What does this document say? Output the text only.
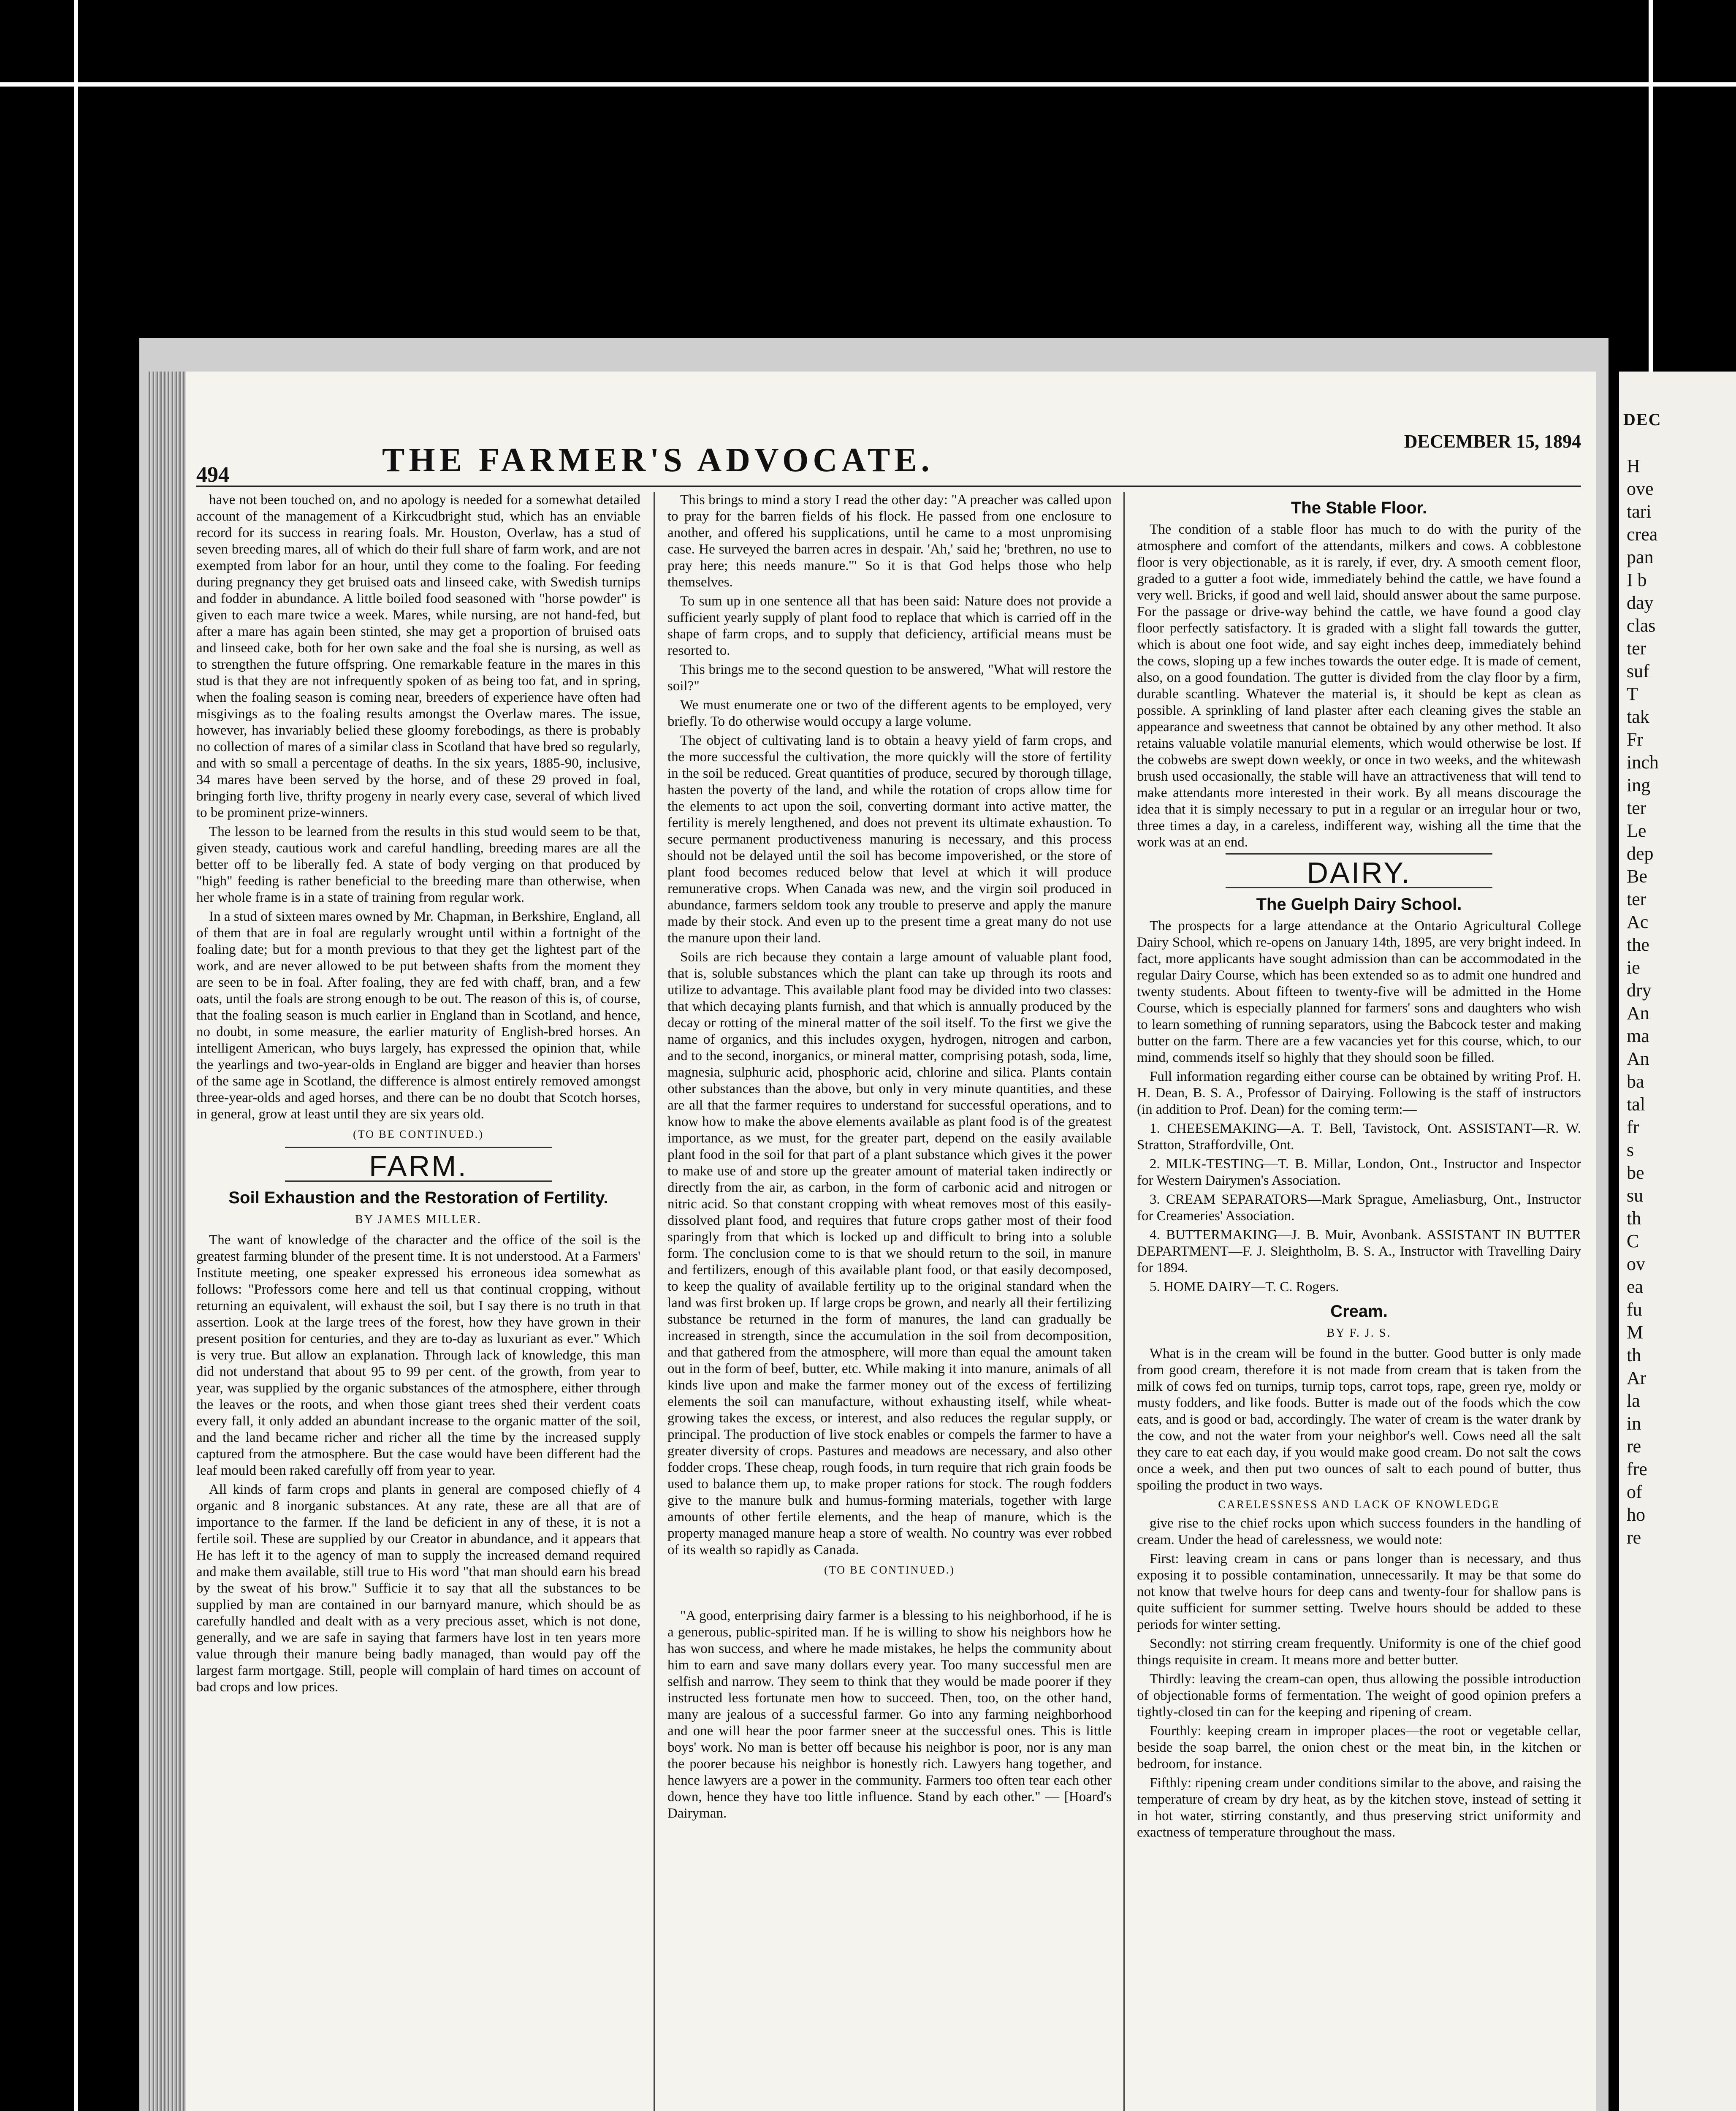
DEC
H
ove
tari
crea
pan
I b
day
clas
ter
suf
T
tak
Fr
inch
ing
ter
Le
dep
Be
ter
Ac
the
ie
dry
An
ma
An
ba
tal
fr
s
be
su
th
C
ov
ea
fu
M
th
Ar
la
in
re
fre
of
ho
re
494	THE FARMER'S ADVOCATE.
DECEMBER 15, 1894

have not been touched on, and no apology is needed for a somewhat detailed account of the management of a Kirkcudbright stud, which has an enviable record for its success in rearing foals. Mr. Houston, Overlaw, has a stud of seven breeding mares, all of which do their full share of farm work, and are not exempted from labor for an hour, until they come to the foaling. For feeding during pregnancy they get bruised oats and linseed cake, with Swedish turnips and fodder in abundance. A little boiled food seasoned with "horse powder" is given to each mare twice a week. Mares, while nursing, are not hand-fed, but after a mare has again been stinted, she may get a proportion of bruised oats and linseed cake, both for her own sake and the foal she is nursing, as well as to strengthen the future offspring. One remarkable feature in the mares in this stud is that they are not infrequently spoken of as being too fat, and in spring, when the foaling season is coming near, breeders of experience have often had misgivings as to the foaling results amongst the Overlaw mares. The issue, however, has invariably belied these gloomy forebodings, as there is probably no collection of mares of a similar class in Scotland that have bred so regularly, and with so small a percentage of deaths. In the six years, 1885-90, inclusive, 34 mares have been served by the horse, and of these 29 proved in foal, bringing forth live, thrifty progeny in nearly every case, several of which lived to be prominent prize-winners.

The lesson to be learned from the results in this stud would seem to be that, given steady, cautious work and careful handling, breeding mares are all the better off to be liberally fed. A state of body verging on that produced by "high" feeding is rather beneficial to the breeding mare than otherwise, when her whole frame is in a state of training from regular work.

In a stud of sixteen mares owned by Mr. Chapman, in Berkshire, England, all of them that are in foal are regularly wrought until within a fortnight of the foaling date; but for a month previous to that they get the lightest part of the work, and are never allowed to be put between shafts from the moment they are seen to be in foal. After foaling, they are fed with chaff, bran, and a few oats, until the foals are strong enough to be out. The reason of this is, of course, that the foaling season is much earlier in England than in Scotland, and hence, no doubt, in some measure, the earlier maturity of English-bred horses. An intelligent American, who buys largely, has expressed the opinion that, while the yearlings and two-year-olds in England are bigger and heavier than horses of the same age in Scotland, the difference is almost entirely removed amongst three-year-olds and aged horses, and there can be no doubt that Scotch horses, in general, grow at least until they are six years old.

(TO BE CONTINUED.)
FARM.
Soil Exhaustion and the Restoration of Fertility.
BY JAMES MILLER.

The want of knowledge of the character and the office of the soil is the greatest farming blunder of the present time. It is not understood. At a Farmers' Institute meeting, one speaker expressed his erroneous idea somewhat as follows: "Professors come here and tell us that continual cropping, without returning an equivalent, will exhaust the soil, but I say there is no truth in that assertion. Look at the large trees of the forest, how they have grown in their present position for centuries, and they are to-day as luxuriant as ever." Which is very true. But allow an explanation. Through lack of knowledge, this man did not understand that about 95 to 99 per cent. of the growth, from year to year, was supplied by the organic substances of the atmosphere, either through the leaves or the roots, and when those giant trees shed their verdent coats every fall, it only added an abundant increase to the organic matter of the soil, and the land became richer and richer all the time by the increased supply captured from the atmosphere. But the case would have been different had the leaf mould been raked carefully off from year to year.

All kinds of farm crops and plants in general are composed chiefly of 4 organic and 8 inorganic substances. At any rate, these are all that are of importance to the farmer. If the land be deficient in any of these, it is not a fertile soil. These are supplied by our Creator in abundance, and it appears that He has left it to the agency of man to supply the increased demand required and make them available, still true to His word "that man should earn his bread by the sweat of his brow." Sufficie it to say that all the substances to be supplied by man are contained in our barnyard manure, which should be as carefully handled and dealt with as a very precious asset, which is not done, generally, and we are safe in saying that farmers have lost in ten years more value through their manure being badly managed, than would pay off the largest farm mortgage. Still, people will complain of hard times on account of bad crops and low prices.

This brings to mind a story I read the other day: "A preacher was called upon to pray for the barren fields of his flock. He passed from one enclosure to another, and offered his supplications, until he came to a most unpromising case. He surveyed the barren acres in despair. 'Ah,' said he; 'brethren, no use to pray here; this needs manure.'" So it is that God helps those who help themselves.

To sum up in one sentence all that has been said: Nature does not provide a sufficient yearly supply of plant food to replace that which is carried off in the shape of farm crops, and to supply that deficiency, artificial means must be resorted to.

This brings me to the second question to be answered, "What will restore the soil?"

We must enumerate one or two of the different agents to be employed, very briefly. To do otherwise would occupy a large volume.

The object of cultivating land is to obtain a heavy yield of farm crops, and the more successful the cultivation, the more quickly will the store of fertility in the soil be reduced. Great quantities of produce, secured by thorough tillage, hasten the poverty of the land, and while the rotation of crops allow time for the elements to act upon the soil, converting dormant into active matter, the fertility is merely lengthened, and does not prevent its ultimate exhaustion. To secure permanent productiveness manuring is necessary, and this process should not be delayed until the soil has become impoverished, or the store of plant food becomes reduced below that level at which it will produce remunerative crops. When Canada was new, and the virgin soil produced in abundance, farmers seldom took any trouble to preserve and apply the manure made by their stock. And even up to the present time a great many do not use the manure upon their land.

Soils are rich because they contain a large amount of valuable plant food, that is, soluble substances which the plant can take up through its roots and utilize to advantage. This available plant food may be divided into two classes: that which decaying plants furnish, and that which is annually produced by the decay or rotting of the mineral matter of the soil itself. To the first we give the name of organics, and this includes oxygen, hydrogen, nitrogen and carbon, and to the second, inorganics, or mineral matter, comprising potash, soda, lime, magnesia, sulphuric acid, phosphoric acid, chlorine and silica. Plants contain other substances than the above, but only in very minute quantities, and these are all that the farmer requires to understand for successful operations, and to know how to make the above elements available as plant food is of the greatest importance, as we must, for the greater part, depend on the easily available plant food in the soil for that part of a plant substance which gives it the power to make use of and store up the greater amount of material taken indirectly or directly from the air, as carbon, in the form of carbonic acid and nitrogen or nitric acid. So that constant cropping with wheat removes most of this easily-dissolved plant food, and requires that future crops gather most of their food sparingly from that which is locked up and difficult to bring into a soluble form. The conclusion come to is that we should return to the soil, in manure and fertilizers, enough of this available plant food, or that easily decomposed, to keep the quality of available fertility up to the original standard when the land was first broken up. If large crops be grown, and nearly all their fertilizing substance be returned in the form of manures, the land can gradually be increased in strength, since the accumulation in the soil from decomposition, and that gathered from the atmosphere, will more than equal the amount taken out in the form of beef, butter, etc. While making it into manure, animals of all kinds live upon and make the farmer money out of the excess of fertilizing elements the soil can manufacture, without exhausting itself, while wheat-growing takes the excess, or interest, and also reduces the regular supply, or principal. The production of live stock enables or compels the farmer to have a greater diversity of crops. Pastures and meadows are necessary, and also other fodder crops. These cheap, rough foods, in turn require that rich grain foods be used to balance them up, to make proper rations for stock. The rough fodders give to the manure bulk and humus-forming materials, together with large amounts of other fertile elements, and the heap of manure, which is the property managed manure heap a store of wealth. No country was ever robbed of its wealth so rapidly as Canada.

(TO BE CONTINUED.)

"A good, enterprising dairy farmer is a blessing to his neighborhood, if he is a generous, public-spirited man. If he is willing to show his neighbors how he has won success, and where he made mistakes, he helps the community about him to earn and save many dollars every year. Too many successful men are selfish and narrow. They seem to think that they would be made poorer if they instructed less fortunate men how to succeed. Then, too, on the other hand, many are jealous of a successful farmer. Go into any farming neighborhood and one will hear the poor farmer sneer at the successful ones. This is little boys' work. No man is better off because his neighbor is poor, nor is any man the poorer because his neighbor is honestly rich. Lawyers hang together, and hence lawyers are a power in the community. Farmers too often tear each other down, hence they have too little influence. Stand by each other." — [Hoard's Dairyman.

The Stable Floor.

The condition of a stable floor has much to do with the purity of the atmosphere and comfort of the attendants, milkers and cows. A cobblestone floor is very objectionable, as it is rarely, if ever, dry. A smooth cement floor, graded to a gutter a foot wide, immediately behind the cattle, we have found a very well. Bricks, if good and well laid, should answer about the same purpose. For the passage or drive-way behind the cattle, we have found a good clay floor perfectly satisfactory. It is graded with a slight fall towards the gutter, which is about one foot wide, and say eight inches deep, immediately behind the cows, sloping up a few inches towards the outer edge. It is made of cement, also, on a good foundation. The gutter is divided from the clay floor by a firm, durable scantling. Whatever the material is, it should be kept as clean as possible. A sprinkling of land plaster after each cleaning gives the stable an appearance and sweetness that cannot be obtained by any other method. It also retains valuable volatile manurial elements, which would otherwise be lost. If the cobwebs are swept down weekly, or once in two weeks, and the whitewash brush used occasionally, the stable will have an attractiveness that will tend to make attendants more interested in their work. By all means discourage the idea that it is simply necessary to put in a regular or an irregular hour or two, three times a day, in a careless, indifferent way, wishing all the time that the work was at an end.

DAIRY.
The Guelph Dairy School.

The prospects for a large attendance at the Ontario Agricultural College Dairy School, which re-opens on January 14th, 1895, are very bright indeed. In fact, more applicants have sought admission than can be accommodated in the regular Dairy Course, which has been extended so as to admit one hundred and twenty students. About fifteen to twenty-five will be admitted in the Home Course, which is especially planned for farmers' sons and daughters who wish to learn something of running separators, using the Babcock tester and making butter on the farm. There are a few vacancies yet for this course, which, to our mind, commends itself so highly that they should soon be filled.

Full information regarding either course can be obtained by writing Prof. H. H. Dean, B. S. A., Professor of Dairying. Following is the staff of instructors (in addition to Prof. Dean) for the coming term:—

1. CHEESEMAKING—A. T. Bell, Tavistock, Ont. ASSISTANT—R. W. Stratton, Straffordville, Ont.

2. MILK-TESTING—T. B. Millar, London, Ont., Instructor and Inspector for Western Dairymen's Association.

3. CREAM SEPARATORS—Mark Sprague, Ameliasburg, Ont., Instructor for Creameries' Association.

4. BUTTERMAKING—J. B. Muir, Avonbank. ASSISTANT IN BUTTER DEPARTMENT—F. J. Sleightholm, B. S. A., Instructor with Travelling Dairy for 1894.

5. HOME DAIRY—T. C. Rogers.

Cream.
BY F. J. S.

What is in the cream will be found in the butter. Good butter is only made from good cream, therefore it is not made from cream that is taken from the milk of cows fed on turnips, turnip tops, carrot tops, rape, green rye, moldy or musty fodders, and like foods. Butter is made out of the foods which the cow eats, and is good or bad, accordingly. The water of cream is the water drank by the cow, and not the water from your neighbor's well. Cows need all the salt they care to eat each day, if you would make good cream. Do not salt the cows once a week, and then put two ounces of salt to each pound of butter, thus spoiling the product in two ways.

CARELESSNESS AND LACK OF KNOWLEDGE

give rise to the chief rocks upon which success founders in the handling of cream. Under the head of carelessness, we would note:

First: leaving cream in cans or pans longer than is necessary, and thus exposing it to possible contamination, unnecessarily. It may be that some do not know that twelve hours for deep cans and twenty-four for shallow pans is quite sufficient for summer setting. Twelve hours should be added to these periods for winter setting.

Secondly: not stirring cream frequently. Uniformity is one of the chief good things requisite in cream. It means more and better butter.

Thirdly: leaving the cream-can open, thus allowing the possible introduction of objectionable forms of fermentation. The weight of good opinion prefers a tightly-closed tin can for the keeping and ripening of cream.

Fourthly: keeping cream in improper places—the root or vegetable cellar, beside the soap barrel, the onion chest or the meat bin, in the kitchen or bedroom, for instance.

Fifthly: ripening cream under conditions similar to the above, and raising the temperature of cream by dry heat, as by the kitchen stove, instead of setting it in hot water, stirring constantly, and thus preserving strict uniformity and exactness of temperature throughout the mass.
